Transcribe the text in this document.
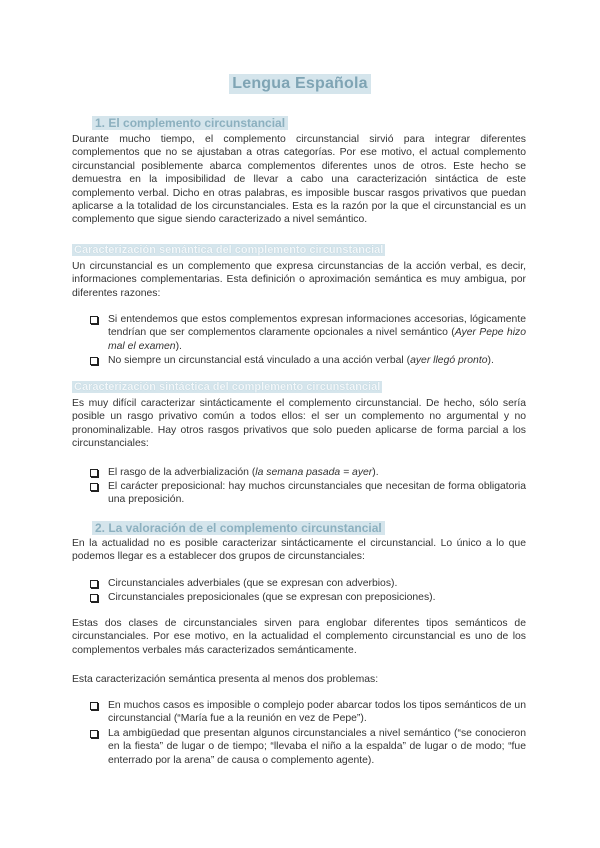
Lengua Española
1. El complemento circunstancial
Durante mucho tiempo, el complemento circunstancial sirvió para integrar diferentes complementos que no se ajustaban a otras categorías. Por ese motivo, el actual complemento circunstancial posiblemente abarca complementos diferentes unos de otros. Este hecho se demuestra en la imposibilidad de llevar a cabo una caracterización sintáctica de este complemento verbal. Dicho en otras palabras, es imposible buscar rasgos privativos que puedan aplicarse a la totalidad de los circunstanciales. Esta es la razón por la que el circunstancial es un complemento que sigue siendo caracterizado a nivel semántico.
Caracterización semántica del complemento circunstancial
Un circunstancial es un complemento que expresa circunstancias de la acción verbal, es decir, informaciones complementarias. Esta definición o aproximación semántica es muy ambigua, por diferentes razones:
Si entendemos que estos complementos expresan informaciones accesorias, lógicamente tendrían que ser complementos claramente opcionales a nivel semántico (Ayer Pepe hizo mal el examen).
No siempre un circunstancial está vinculado a una acción verbal (ayer llegó pronto).
Caracterización sintáctica del complemento circunstancial
Es muy difícil caracterizar sintácticamente el complemento circunstancial. De hecho, sólo sería posible un rasgo privativo común a todos ellos: el ser un complemento no argumental y no pronominalizable. Hay otros rasgos privativos que solo pueden aplicarse de forma parcial a los circunstanciales:
El rasgo de la adverbialización (la semana pasada = ayer).
El carácter preposicional: hay muchos circunstanciales que necesitan de forma obligatoria una preposición.
2. La valoración de el complemento circunstancial
En la actualidad no es posible caracterizar sintácticamente el circunstancial. Lo único a lo que podemos llegar es a establecer dos grupos de circunstanciales:
Circunstanciales adverbiales (que se expresan con adverbios).
Circunstanciales preposicionales (que se expresan con preposiciones).
Estas dos clases de circunstanciales sirven para englobar diferentes tipos semánticos de circunstanciales. Por ese motivo, en la actualidad el complemento circunstancial es uno de los complementos verbales más caracterizados semánticamente.
Esta caracterización semántica presenta al menos dos problemas:
En muchos casos es imposible o complejo poder abarcar todos los tipos semánticos de un circunstancial (“María fue a la reunión en vez de Pepe”).
La ambigüedad que presentan algunos circunstanciales a nivel semántico (“se conocieron en la fiesta” de lugar o de tiempo; “llevaba el niño a la espalda” de lugar o de modo; “fue enterrado por la arena” de causa o complemento agente).
